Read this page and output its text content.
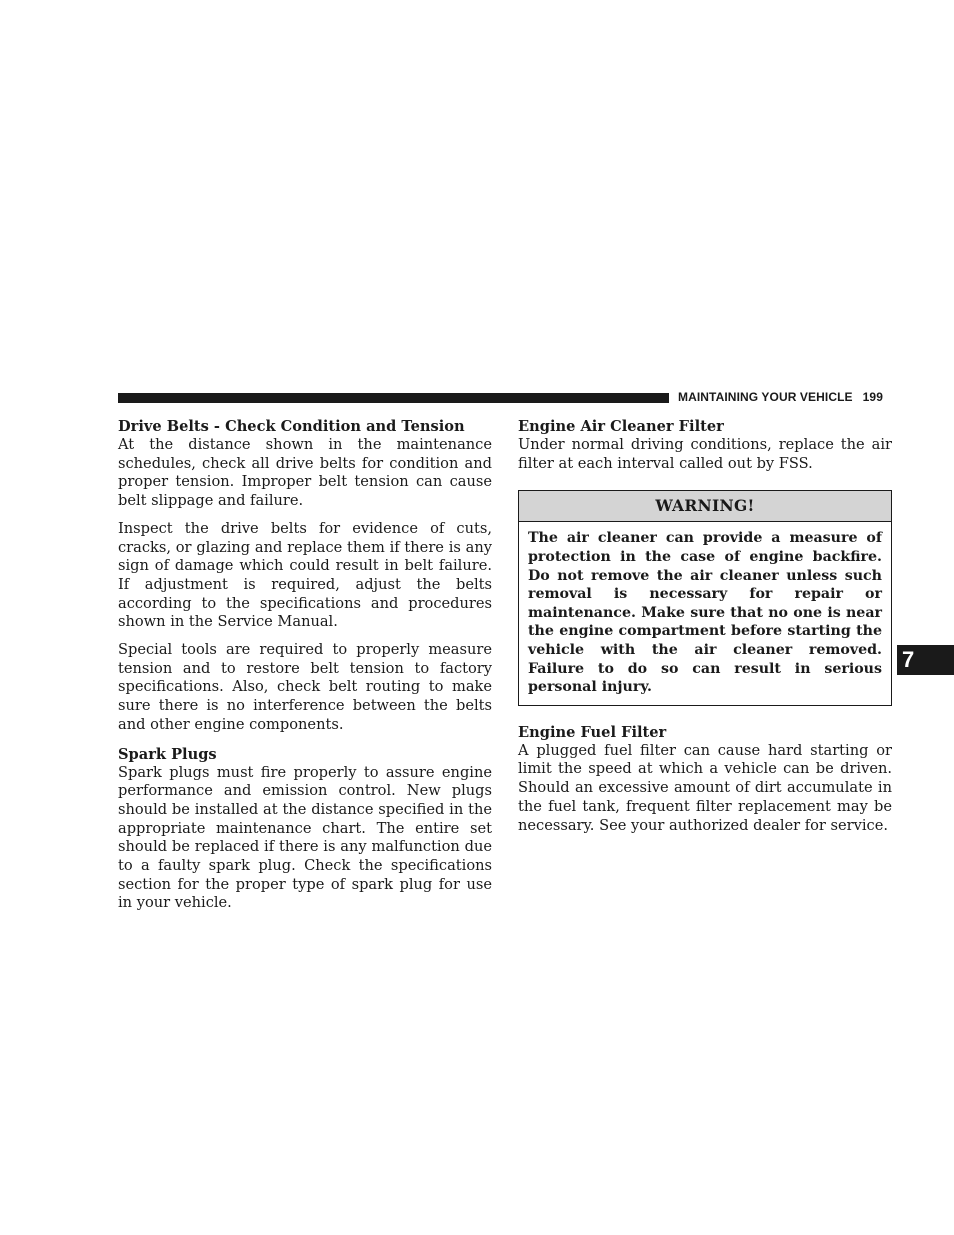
MAINTAINING YOUR VEHICLE 199

Drive Belts - Check Condition and Tension

At the distance shown in the maintenance schedules, check all drive belts for condition and proper tension. Improper belt tension can cause belt slippage and failure.

Inspect the drive belts for evidence of cuts, cracks, or glazing and replace them if there is any sign of damage which could result in belt failure. If adjustment is required, adjust the belts according to the specifications and procedures shown in the Service Manual.

Special tools are required to properly measure tension and to restore belt tension to factory specifications. Also, check belt routing to make sure there is no interference between the belts and other engine components.

Spark Plugs

Spark plugs must fire properly to assure engine performance and emission control. New plugs should be installed at the distance specified in the appropriate maintenance chart. The entire set should be replaced if there is any malfunction due to a faulty spark plug. Check the specifications section for the proper type of spark plug for use in your vehicle.

Engine Air Cleaner Filter

Under normal driving conditions, replace the air filter at each interval called out by FSS.

WARNING!
The air cleaner can provide a measure of protection in the case of engine backfire. Do not remove the air cleaner unless such removal is necessary for repair or maintenance. Make sure that no one is near the engine compartment before starting the vehicle with the air cleaner removed. Failure to do so can result in serious personal injury.

Engine Fuel Filter

A plugged fuel filter can cause hard starting or limit the speed at which a vehicle can be driven. Should an excessive amount of dirt accumulate in the fuel tank, frequent filter replacement may be necessary. See your authorized dealer for service.

7
